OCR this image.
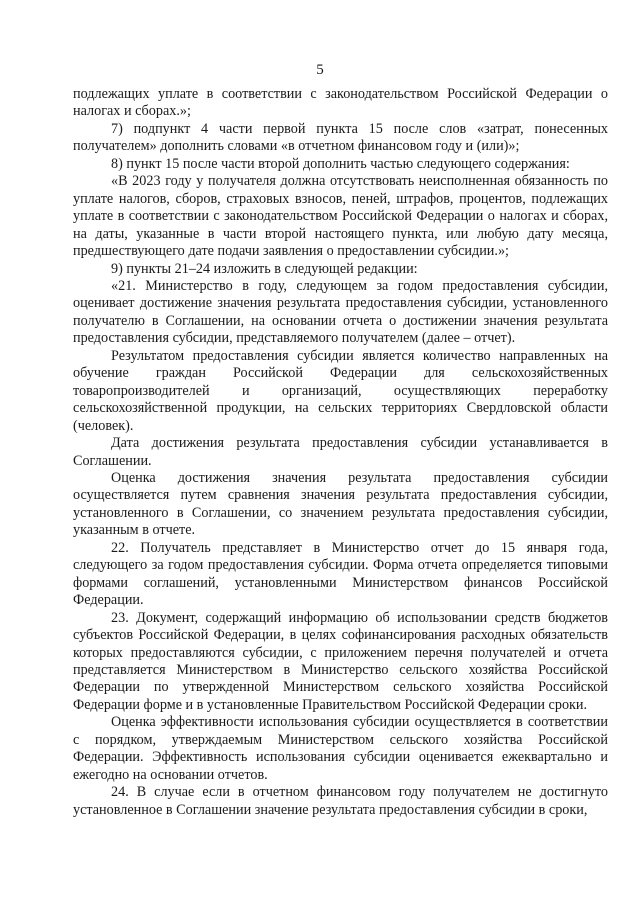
5

подлежащих уплате в соответствии с законодательством Российской Федерации о налогах и сборах.»;

7) подпункт 4 части первой пункта 15 после слов «затрат, понесенных получателем» дополнить словами «в отчетном финансовом году и (или)»;

8) пункт 15 после части второй дополнить частью следующего содержания:

«В 2023 году у получателя должна отсутствовать неисполненная обязанность по уплате налогов, сборов, страховых взносов, пеней, штрафов, процентов, подлежащих уплате в соответствии с законодательством Российской Федерации о налогах и сборах, на даты, указанные в части второй настоящего пункта, или любую дату месяца, предшествующего дате подачи заявления о предоставлении субсидии.»;

9) пункты 21–24 изложить в следующей редакции:

«21. Министерство в году, следующем за годом предоставления субсидии, оценивает достижение значения результата предоставления субсидии, установленного получателю в Соглашении, на основании отчета о достижении значения результата предоставления субсидии, представляемого получателем (далее – отчет).

Результатом предоставления субсидии является количество направленных на обучение граждан Российской Федерации для сельскохозяйственных товаропроизводителей и организаций, осуществляющих переработку сельскохозяйственной продукции, на сельских территориях Свердловской области (человек).

Дата достижения результата предоставления субсидии устанавливается в Соглашении.

Оценка достижения значения результата предоставления субсидии осуществляется путем сравнения значения результата предоставления субсидии, установленного в Соглашении, со значением результата предоставления субсидии, указанным в отчете.

22. Получатель представляет в Министерство отчет до 15 января года, следующего за годом предоставления субсидии. Форма отчета определяется типовыми формами соглашений, установленными Министерством финансов Российской Федерации.

23. Документ, содержащий информацию об использовании средств бюджетов субъектов Российской Федерации, в целях софинансирования расходных обязательств которых предоставляются субсидии, с приложением перечня получателей и отчета представляется Министерством в Министерство сельского хозяйства Российской Федерации по утвержденной Министерством сельского хозяйства Российской Федерации форме и в установленные Правительством Российской Федерации сроки.

Оценка эффективности использования субсидии осуществляется в соответствии с порядком, утверждаемым Министерством сельского хозяйства Российской Федерации. Эффективность использования субсидии оценивается ежеквартально и ежегодно на основании отчетов.

24. В случае если в отчетном финансовом году получателем не достигнуто установленное в Соглашении значение результата предоставления субсидии в сроки,
